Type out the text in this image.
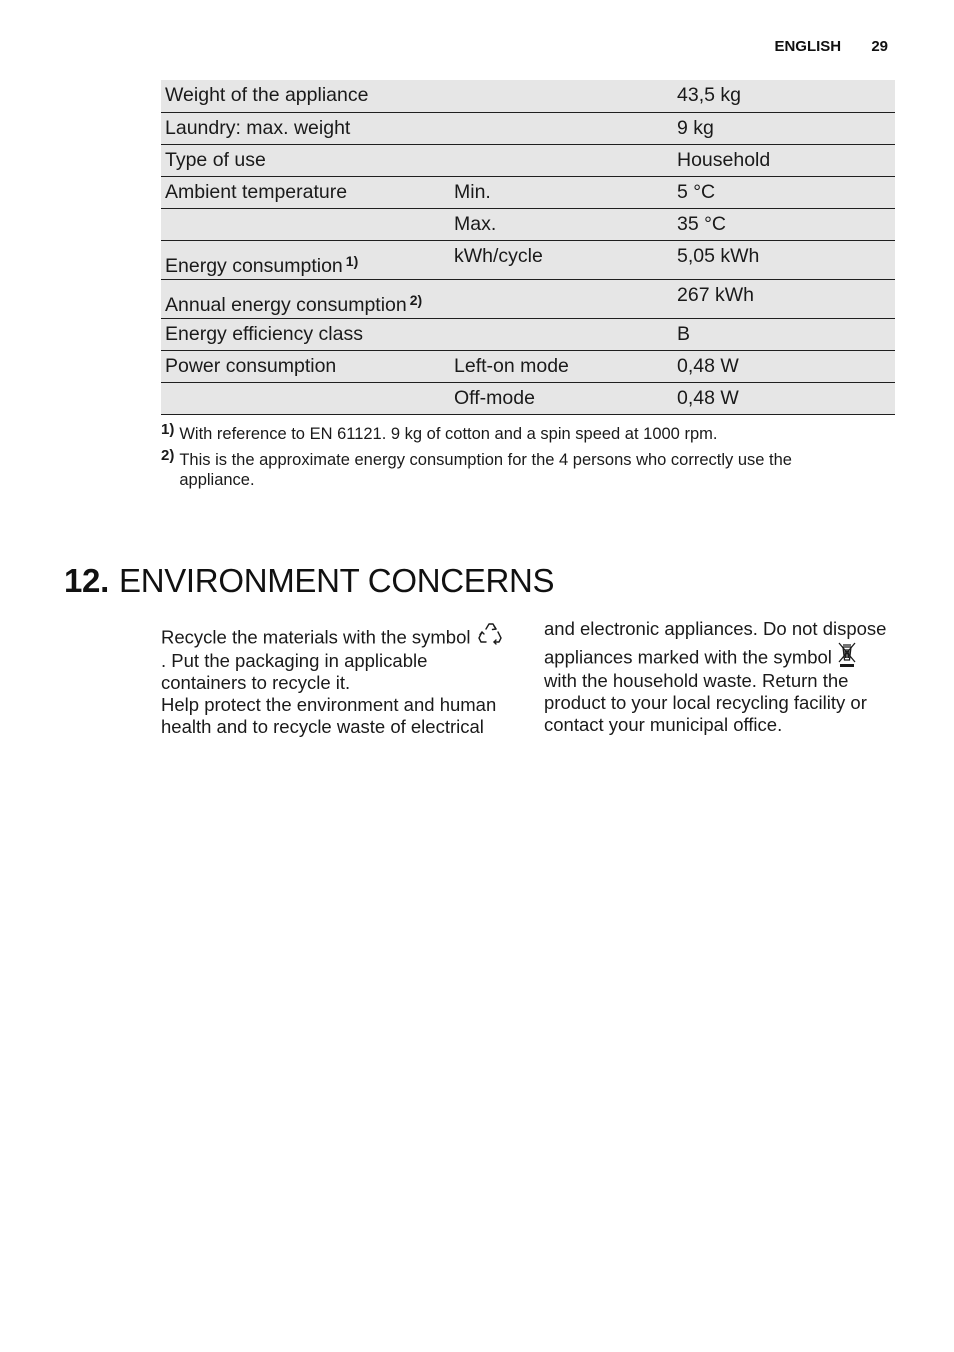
ENGLISH 29
Weight of the appliance		43,5 kg
Laundry: max. weight		9 kg
Type of use		Household
Ambient temperature	Min.	5 °C
	Max.	35 °C
Energy consumption $^{1)}$	kWh/cycle	5,05 kWh
Annual energy consumption $^{2)}$		267 kWh
Energy efficiency class		B
Power consumption	Left-on mode	0,48 W
	Off-mode	0,48 W
1) With reference to EN 61121. 9 kg of cotton and a spin speed at 1000 rpm.
2) This is the approximate energy consumption for the 4 persons who correctly use the appliance.
12. ENVIRONMENT CONCERNS
Recycle the materials with the symbol
. Put the packaging in applicable containers to recycle it.
Help protect the environment and human health and to recycle waste of electrical
and electronic appliances. Do not dispose
appliances marked with the symbol
with the household waste. Return the product to your local recycling facility or contact your municipal office.
